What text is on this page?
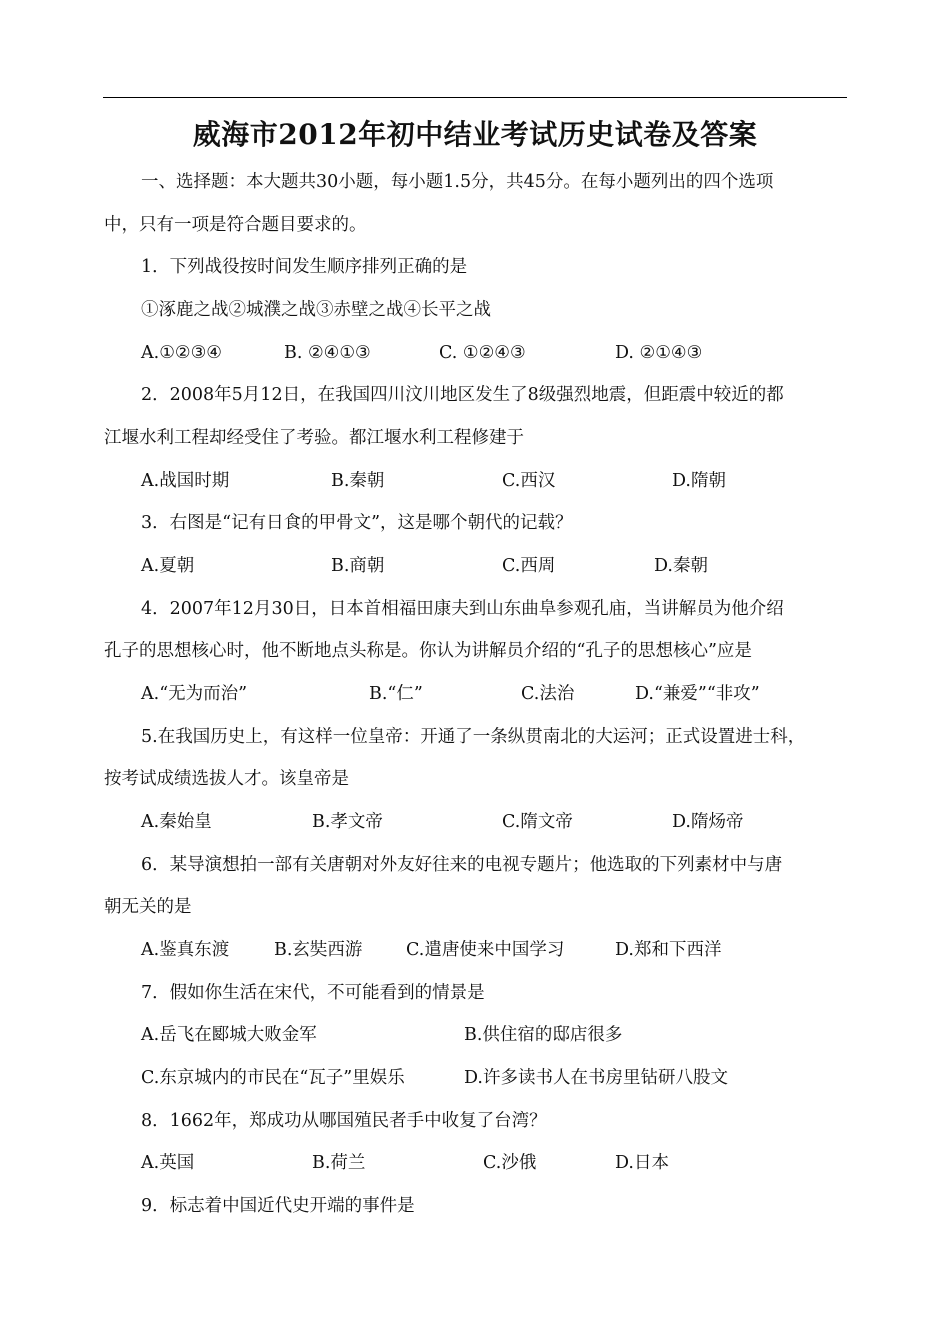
威海市2012年初中结业考试历史试卷及答案
一、选择题：本大题共30小题，每小题1.5分，共45分。在每小题列出的四个选项
中，只有一项是符合题目要求的。
1．下列战役按时间发生顺序排列正确的是
①涿鹿之战②城濮之战③赤壁之战④长平之战
A.①②③④	B. ②④①③	C. ①②④③	D. ②①④③
2．2008年5月12日，在我国四川汶川地区发生了8级强烈地震，但距震中较近的都
江堰水利工程却经受住了考验。都江堰水利工程修建于
A.战国时期	B.秦朝	C.西汉	D.隋朝
3．右图是“记有日食的甲骨文”，这是哪个朝代的记载？
A.夏朝	B.商朝	C.西周	D.秦朝
4．2007年12月30日，日本首相福田康夫到山东曲阜参观孔庙，当讲解员为他介绍
孔子的思想核心时，他不断地点头称是。你认为讲解员介绍的“孔子的思想核心”应是
A.“无为而治”	B.“仁”	C.法治	D.“兼爱”“非攻”
5.在我国历史上，有这样一位皇帝：开通了一条纵贯南北的大运河；正式设置进士科，
按考试成绩选拔人才。该皇帝是
A.秦始皇	B.孝文帝	C.隋文帝	D.隋炀帝
6．某导演想拍一部有关唐朝对外友好往来的电视专题片；他选取的下列素材中与唐
朝无关的是
A.鉴真东渡	B.玄奘西游 C.遣唐使来中国学习	D.郑和下西洋
7．假如你生活在宋代，不可能看到的情景是
A.岳飞在郾城大败金军	B.供住宿的邸店很多
C.东京城内的市民在“瓦子”里娱乐	D.许多读书人在书房里钻研八股文
8．1662年，郑成功从哪国殖民者手中收复了台湾？
A.英国	B.荷兰	C.沙俄	D.日本
9．标志着中国近代史开端的事件是
